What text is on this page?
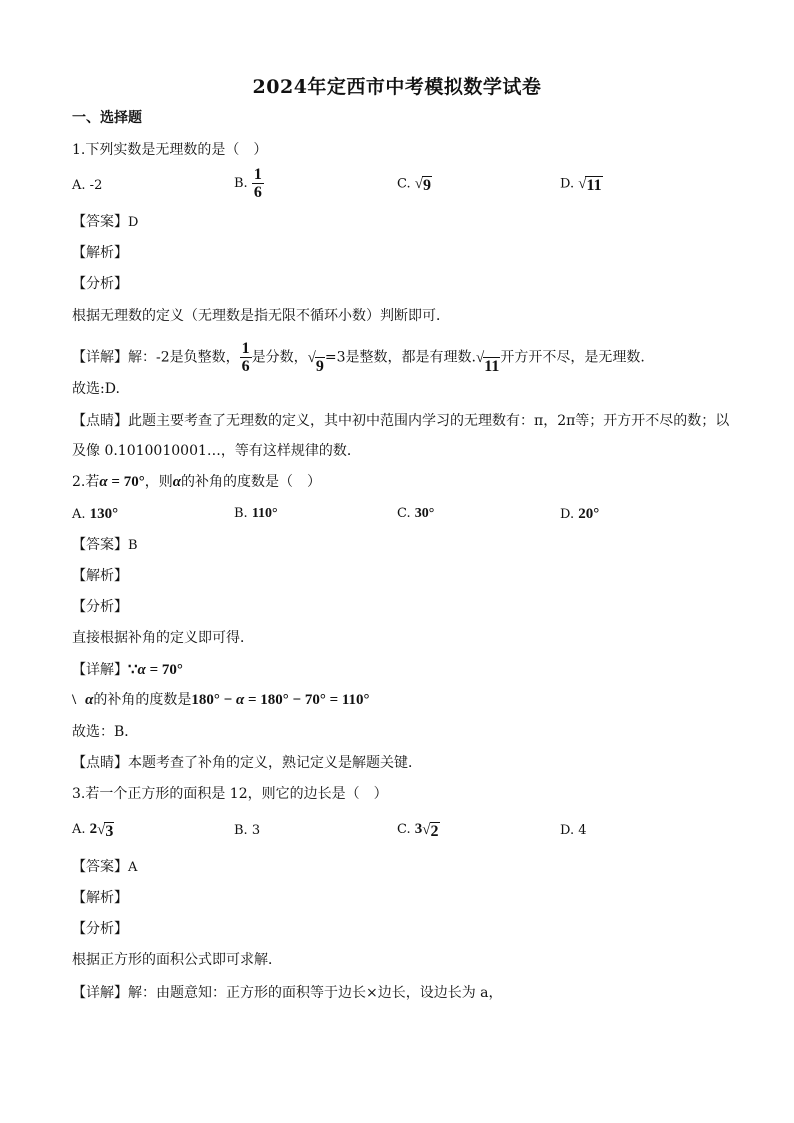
2024年定西市中考模拟数学试卷
一、选择题
1.下列实数是无理数的是（　）
A. -2	B. $\frac{1}{6}$	C. √ 9	D. √ 11
【答案】D
【解析】
【分析】
根据无理数的定义（无理数是指无限不循环小数）判断即可．
【详解】解：-2是负整数， $\frac{1}{6}$ 是分数， √ 9 =3是整数，都是有理数. √ 11 开方开不尽，是无理数.
故选:D.
【点睛】此题主要考查了无理数的定义，其中初中范围内学习的无理数有：π，2π等；开方开不尽的数；以
及像 0.1010010001…，等有这样规律的数．
2.若α = 70°，则α的补角的度数是（　）
A. 130°	B. 110°	C. 30°	D. 20°
【答案】B
【解析】
【分析】
直接根据补角的定义即可得．
【详解】∵α = 70°
\ α的补角的度数是180° − α = 180° − 70° = 110°
故选：B．
【点睛】本题考查了补角的定义，熟记定义是解题关键．
3.若一个正方形的面积是 12，则它的边长是（　）
A. 2 √ 3	B. 3	C. 3 √ 2	D. 4
【答案】A
【解析】
【分析】
根据正方形的面积公式即可求解．
【详解】解：由题意知：正方形的面积等于边长×边长，设边长为 a，
